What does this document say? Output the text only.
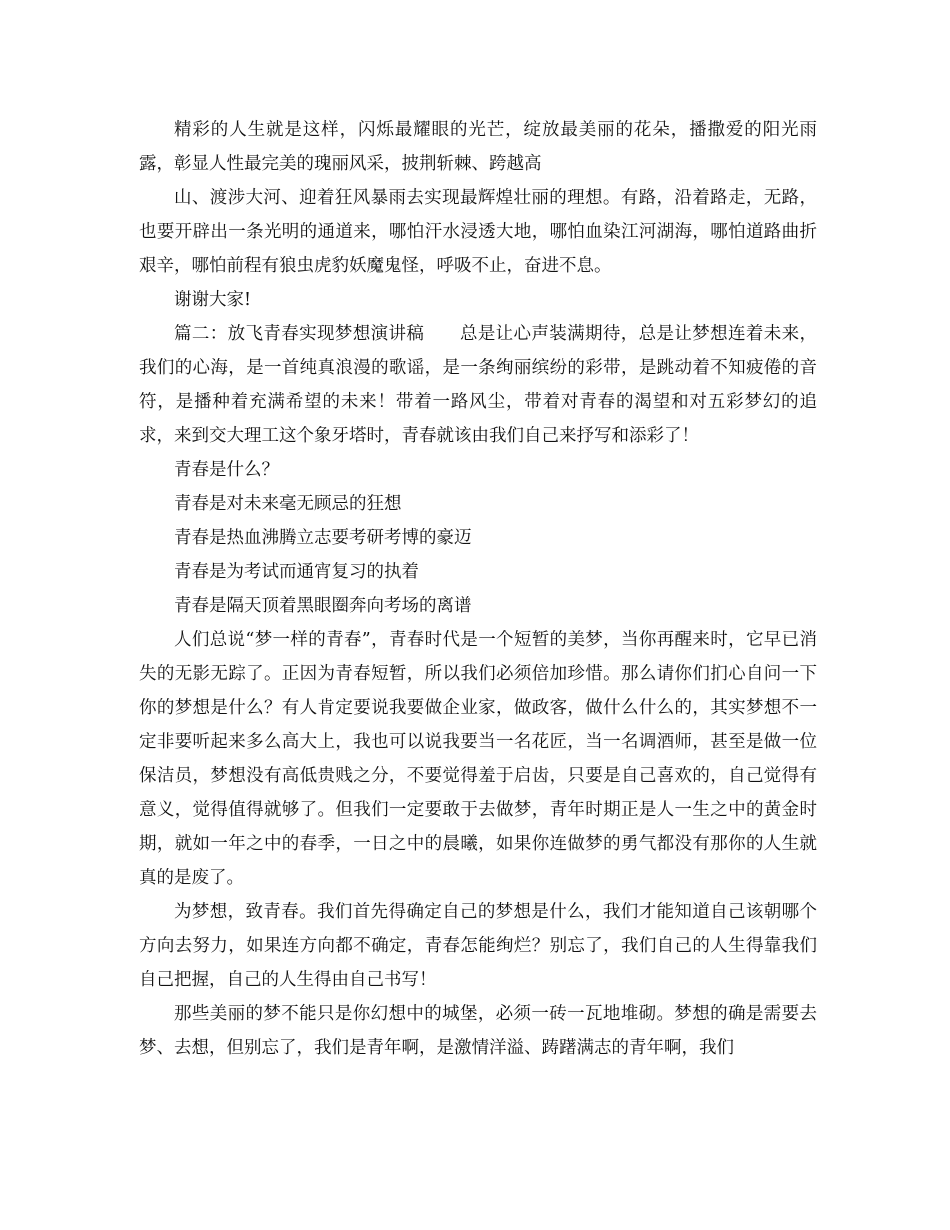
精彩的人生就是这样，闪烁最耀眼的光芒，绽放最美丽的花朵，播撒爱的阳光雨露，彰显人性最完美的瑰丽风采，披荆斩棘、跨越高

山、渡涉大河、迎着狂风暴雨去实现最辉煌壮丽的理想。有路，沿着路走，无路，也要开辟出一条光明的通道来，哪怕汗水浸透大地，哪怕血染江河湖海，哪怕道路曲折艰辛，哪怕前程有狼虫虎豹妖魔鬼怪，呼吸不止，奋进不息。

谢谢大家!

篇二：放飞青春实现梦想演讲稿　　总是让心声装满期待，总是让梦想连着未来，我们的心海，是一首纯真浪漫的歌谣，是一条绚丽缤纷的彩带，是跳动着不知疲倦的音符，是播种着充满希望的未来！带着一路风尘，带着对青春的渴望和对五彩梦幻的追求，来到交大理工这个象牙塔时，青春就该由我们自己来抒写和添彩了！

青春是什么？

青春是对未来毫无顾忌的狂想

青春是热血沸腾立志要考研考博的豪迈

青春是为考试而通宵复习的执着

青春是隔天顶着黑眼圈奔向考场的离谱

人们总说“梦一样的青春”，青春时代是一个短暂的美梦，当你再醒来时，它早已消失的无影无踪了。正因为青春短暂，所以我们必须倍加珍惜。那么请你们扪心自问一下你的梦想是什么？有人肯定要说我要做企业家，做政客，做什么什么的，其实梦想不一定非要听起来多么高大上，我也可以说我要当一名花匠，当一名调酒师，甚至是做一位保洁员，梦想没有高低贵贱之分，不要觉得羞于启齿，只要是自己喜欢的，自己觉得有意义，觉得值得就够了。但我们一定要敢于去做梦，青年时期正是人一生之中的黄金时期，就如一年之中的春季，一日之中的晨曦，如果你连做梦的勇气都没有那你的人生就真的是废了。

为梦想，致青春。我们首先得确定自己的梦想是什么，我们才能知道自己该朝哪个方向去努力，如果连方向都不确定，青春怎能绚烂？别忘了，我们自己的人生得靠我们自己把握，自己的人生得由自己书写！

那些美丽的梦不能只是你幻想中的城堡，必须一砖一瓦地堆砌。梦想的确是需要去梦、去想，但别忘了，我们是青年啊，是激情洋溢、踌躇满志的青年啊，我们
